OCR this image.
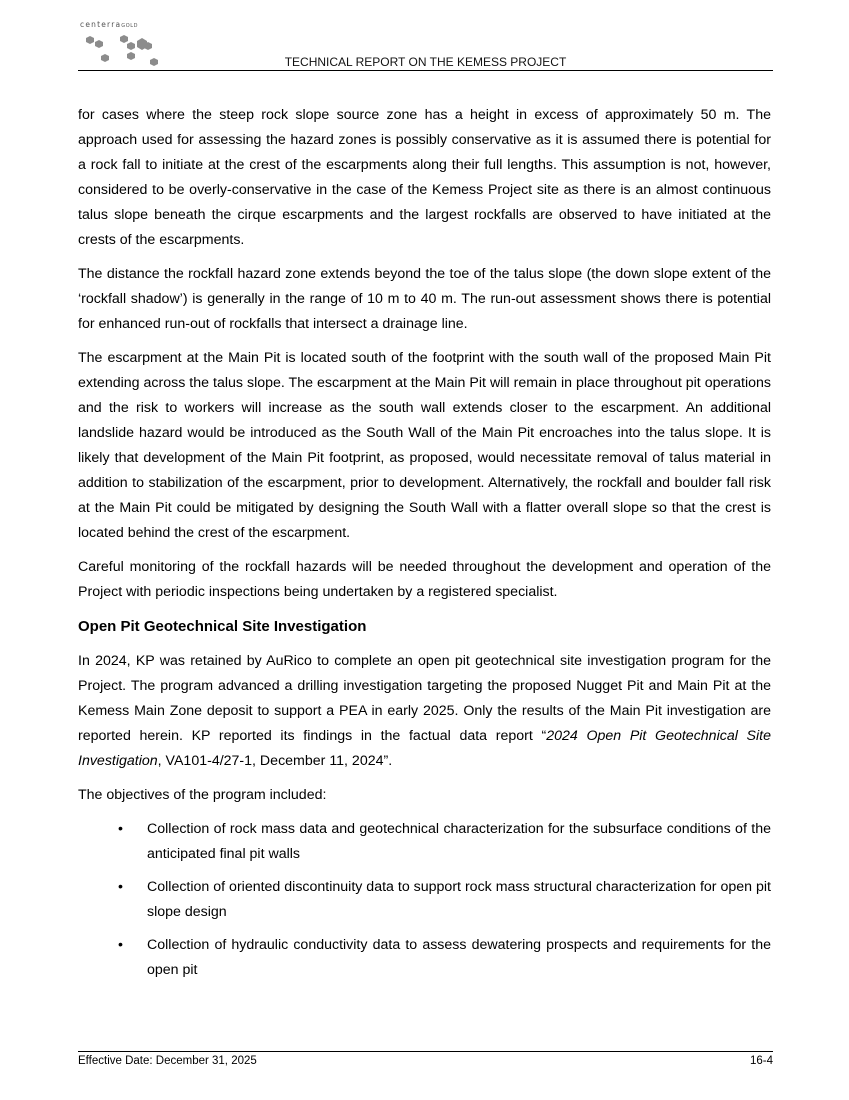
centerraGOLD
TECHNICAL REPORT ON THE KEMESS PROJECT

for cases where the steep rock slope source zone has a height in excess of approximately 50 m. The approach used for assessing the hazard zones is possibly conservative as it is assumed there is potential for a rock fall to initiate at the crest of the escarpments along their full lengths. This assumption is not, however, considered to be overly-conservative in the case of the Kemess Project site as there is an almost continuous talus slope beneath the cirque escarpments and the largest rockfalls are observed to have initiated at the crests of the escarpments.

The distance the rockfall hazard zone extends beyond the toe of the talus slope (the down slope extent of the ‘rockfall shadow’) is generally in the range of 10 m to 40 m. The run-out assessment shows there is potential for enhanced run-out of rockfalls that intersect a drainage line.

The escarpment at the Main Pit is located south of the footprint with the south wall of the proposed Main Pit extending across the talus slope. The escarpment at the Main Pit will remain in place throughout pit operations and the risk to workers will increase as the south wall extends closer to the escarpment. An additional landslide hazard would be introduced as the South Wall of the Main Pit encroaches into the talus slope. It is likely that development of the Main Pit footprint, as proposed, would necessitate removal of talus material in addition to stabilization of the escarpment, prior to development. Alternatively, the rockfall and boulder fall risk at the Main Pit could be mitigated by designing the South Wall with a flatter overall slope so that the crest is located behind the crest of the escarpment.

Careful monitoring of the rockfall hazards will be needed throughout the development and operation of the Project with periodic inspections being undertaken by a registered specialist.

Open Pit Geotechnical Site Investigation

In 2024, KP was retained by AuRico to complete an open pit geotechnical site investigation program for the Project. The program advanced a drilling investigation targeting the proposed Nugget Pit and Main Pit at the Kemess Main Zone deposit to support a PEA in early 2025. Only the results of the Main Pit investigation are reported herein. KP reported its findings in the factual data report “2024 Open Pit Geotechnical Site Investigation, VA101-4/27-1, December 11, 2024”.

The objectives of the program included:

• Collection of rock mass data and geotechnical characterization for the subsurface conditions of the anticipated final pit walls
• Collection of oriented discontinuity data to support rock mass structural characterization for open pit slope design
• Collection of hydraulic conductivity data to assess dewatering prospects and requirements for the open pit
Effective Date: December 31, 2025	16-4
